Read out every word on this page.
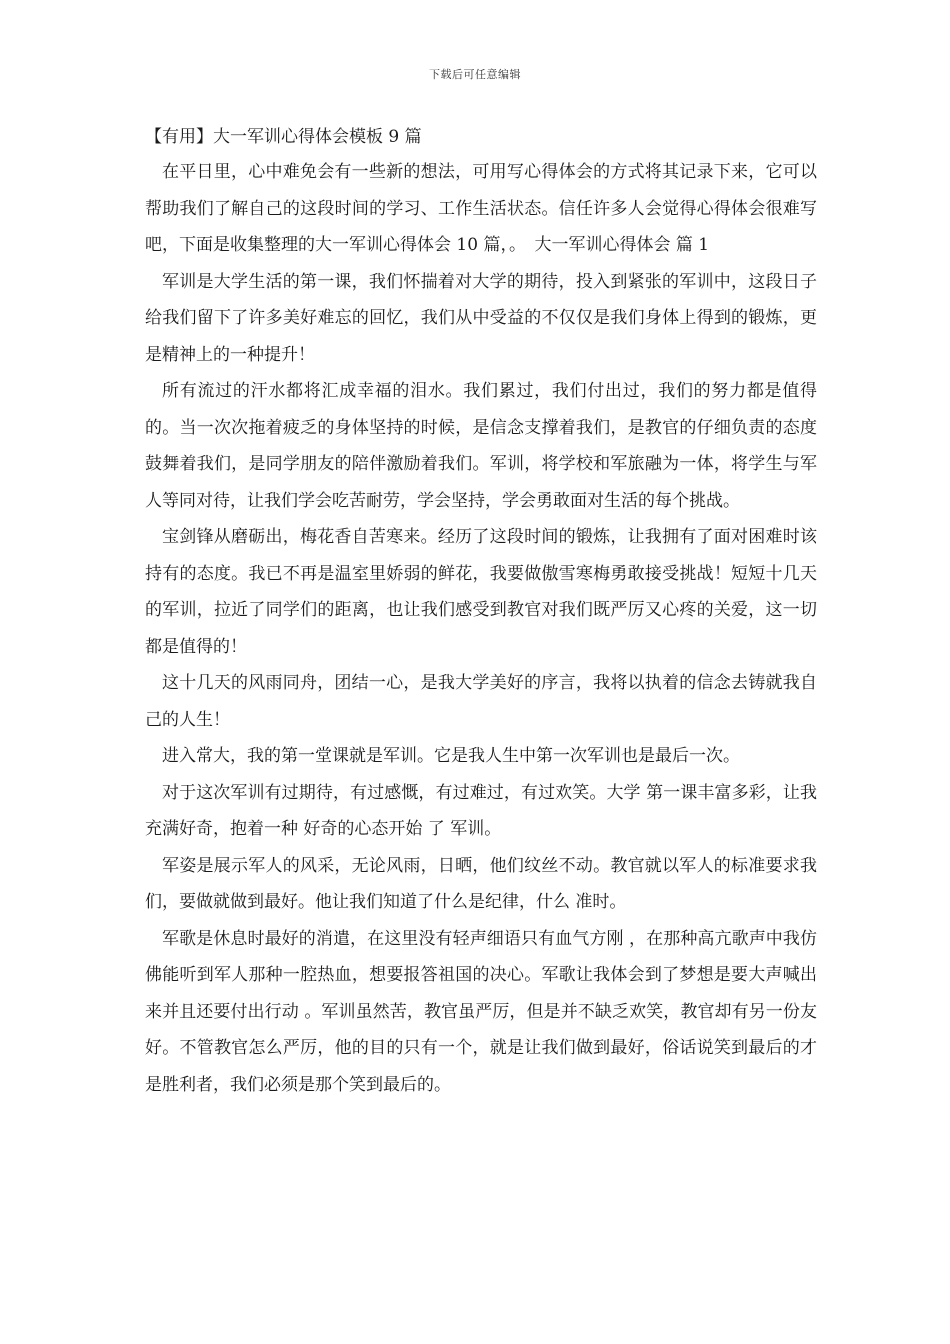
下载后可任意编辑
【有用】大一军训心得体会模板 9 篇

在平日里，心中难免会有一些新的想法，可用写心得体会的方式将其记录下来，它可以帮助我们了解自己的这段时间的学习、工作生活状态。信任许多人会觉得心得体会很难写吧，下面是收集整理的大一军训心得体会 10 篇，。　大一军训心得体会 篇 1

军训是大学生活的第一课，我们怀揣着对大学的期待，投入到紧张的军训中，这段日子给我们留下了许多美好难忘的回忆，我们从中受益的不仅仅是我们身体上得到的锻炼，更是精神上的一种提升！

所有流过的汗水都将汇成幸福的泪水。我们累过，我们付出过，我们的努力都是值得的。当一次次拖着疲乏的身体坚持的时候，是信念支撑着我们，是教官的仔细负责的态度鼓舞着我们，是同学朋友的陪伴激励着我们。军训，将学校和军旅融为一体，将学生与军人等同对待，让我们学会吃苦耐劳，学会坚持，学会勇敢面对生活的每个挑战。

宝剑锋从磨砺出，梅花香自苦寒来。经历了这段时间的锻炼，让我拥有了面对困难时该持有的态度。我已不再是温室里娇弱的鲜花，我要做傲雪寒梅勇敢接受挑战！短短十几天的军训，拉近了同学们的距离，也让我们感受到教官对我们既严厉又心疼的关爱，这一切都是值得的！

这十几天的风雨同舟，团结一心，是我大学美好的序言，我将以执着的信念去铸就我自己的人生！

进入常大，我的第一堂课就是军训。它是我人生中第一次军训也是最后一次。

对于这次军训有过期待，有过感慨，有过难过，有过欢笑。大学 第一课丰富多彩，让我充满好奇，抱着一种 好奇的心态开始 了 军训。

军姿是展示军人的风采，无论风雨，日晒，他们纹丝不动。教官就以军人的标准要求我们，要做就做到最好。他让我们知道了什么是纪律，什么 准时。

军歌是休息时最好的消遣，在这里没有轻声细语只有血气方刚 ，在那种高亢歌声中我仿佛能听到军人那种一腔热血，想要报答祖国的决心。军歌让我体会到了梦想是要大声喊出来并且还要付出行动 。军训虽然苦，教官虽严厉，但是并不缺乏欢笑，教官却有另一份友好。不管教官怎么严厉，他的目的只有一个，就是让我们做到最好，俗话说笑到最后的才是胜利者，我们必须是那个笑到最后的。
